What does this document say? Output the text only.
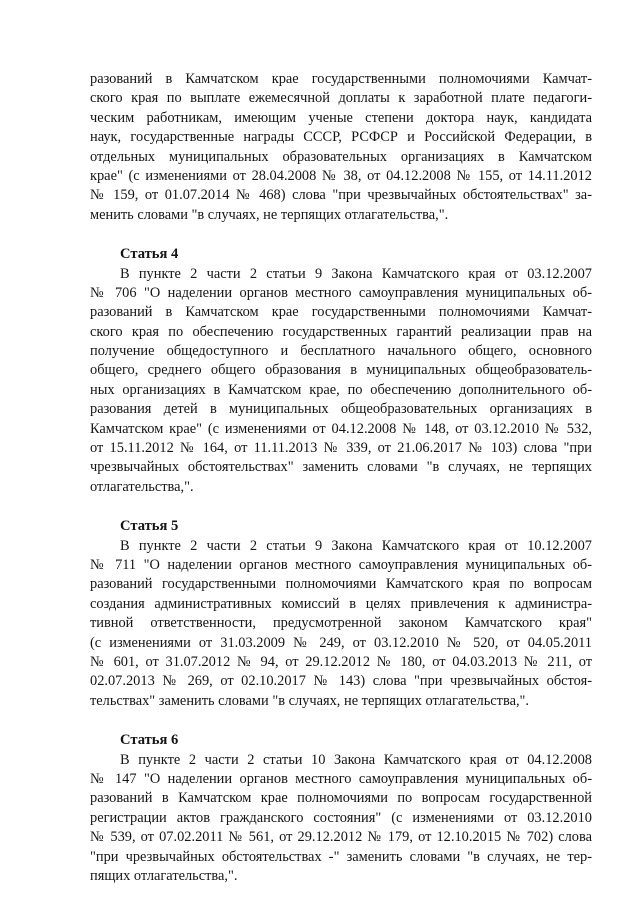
разований в Камчатском крае государственными полномочиями Камчат-
ского края по выплате ежемесячной доплаты к заработной плате педагоги-
ческим работникам, имеющим ученые степени доктора наук, кандидата
наук, государственные награды СССР, РСФСР и Российской Федерации, в
отдельных муниципальных образовательных организациях в Камчатском
крае" (с изменениями от 28.04.2008 № 38, от 04.12.2008 № 155, от 14.11.2012
№ 159, от 01.07.2014 № 468) слова "при чрезвычайных обстоятельствах" за-
менить словами "в случаях, не терпящих отлагательства,".
Статья 4
В пункте 2 части 2 статьи 9 Закона Камчатского края от 03.12.2007
№ 706 "О наделении органов местного самоуправления муниципальных об-
разований в Камчатском крае государственными полномочиями Камчат-
ского края по обеспечению государственных гарантий реализации прав на
получение общедоступного и бесплатного начального общего, основного
общего, среднего общего образования в муниципальных общеобразователь-
ных организациях в Камчатском крае, по обеспечению дополнительного об-
разования детей в муниципальных общеобразовательных организациях в
Камчатском крае" (с изменениями от 04.12.2008 № 148, от 03.12.2010 № 532,
от 15.11.2012 № 164, от 11.11.2013 № 339, от 21.06.2017 № 103) слова "при
чрезвычайных обстоятельствах" заменить словами "в случаях, не терпящих
отлагательства,".
Статья 5
В пункте 2 части 2 статьи 9 Закона Камчатского края от 10.12.2007
№ 711 "О наделении органов местного самоуправления муниципальных об-
разований государственными полномочиями Камчатского края по вопросам
создания административных комиссий в целях привлечения к администра-
тивной ответственности, предусмотренной законом Камчатского края"
(с изменениями от 31.03.2009 № 249, от 03.12.2010 № 520, от 04.05.2011
№ 601, от 31.07.2012 № 94, от 29.12.2012 № 180, от 04.03.2013 № 211, от
02.07.2013 № 269, от 02.10.2017 № 143) слова "при чрезвычайных обстоя-
тельствах" заменить словами "в случаях, не терпящих отлагательства,".
Статья 6
В пункте 2 части 2 статьи 10 Закона Камчатского края от 04.12.2008
№ 147 "О наделении органов местного самоуправления муниципальных об-
разований в Камчатском крае полномочиями по вопросам государственной
регистрации актов гражданского состояния" (с изменениями от 03.12.2010
№ 539, от 07.02.2011 № 561, от 29.12.2012 № 179, от 12.10.2015 № 702) слова
"при чрезвычайных обстоятельствах -" заменить словами "в случаях, не тер-
пящих отлагательства,".
